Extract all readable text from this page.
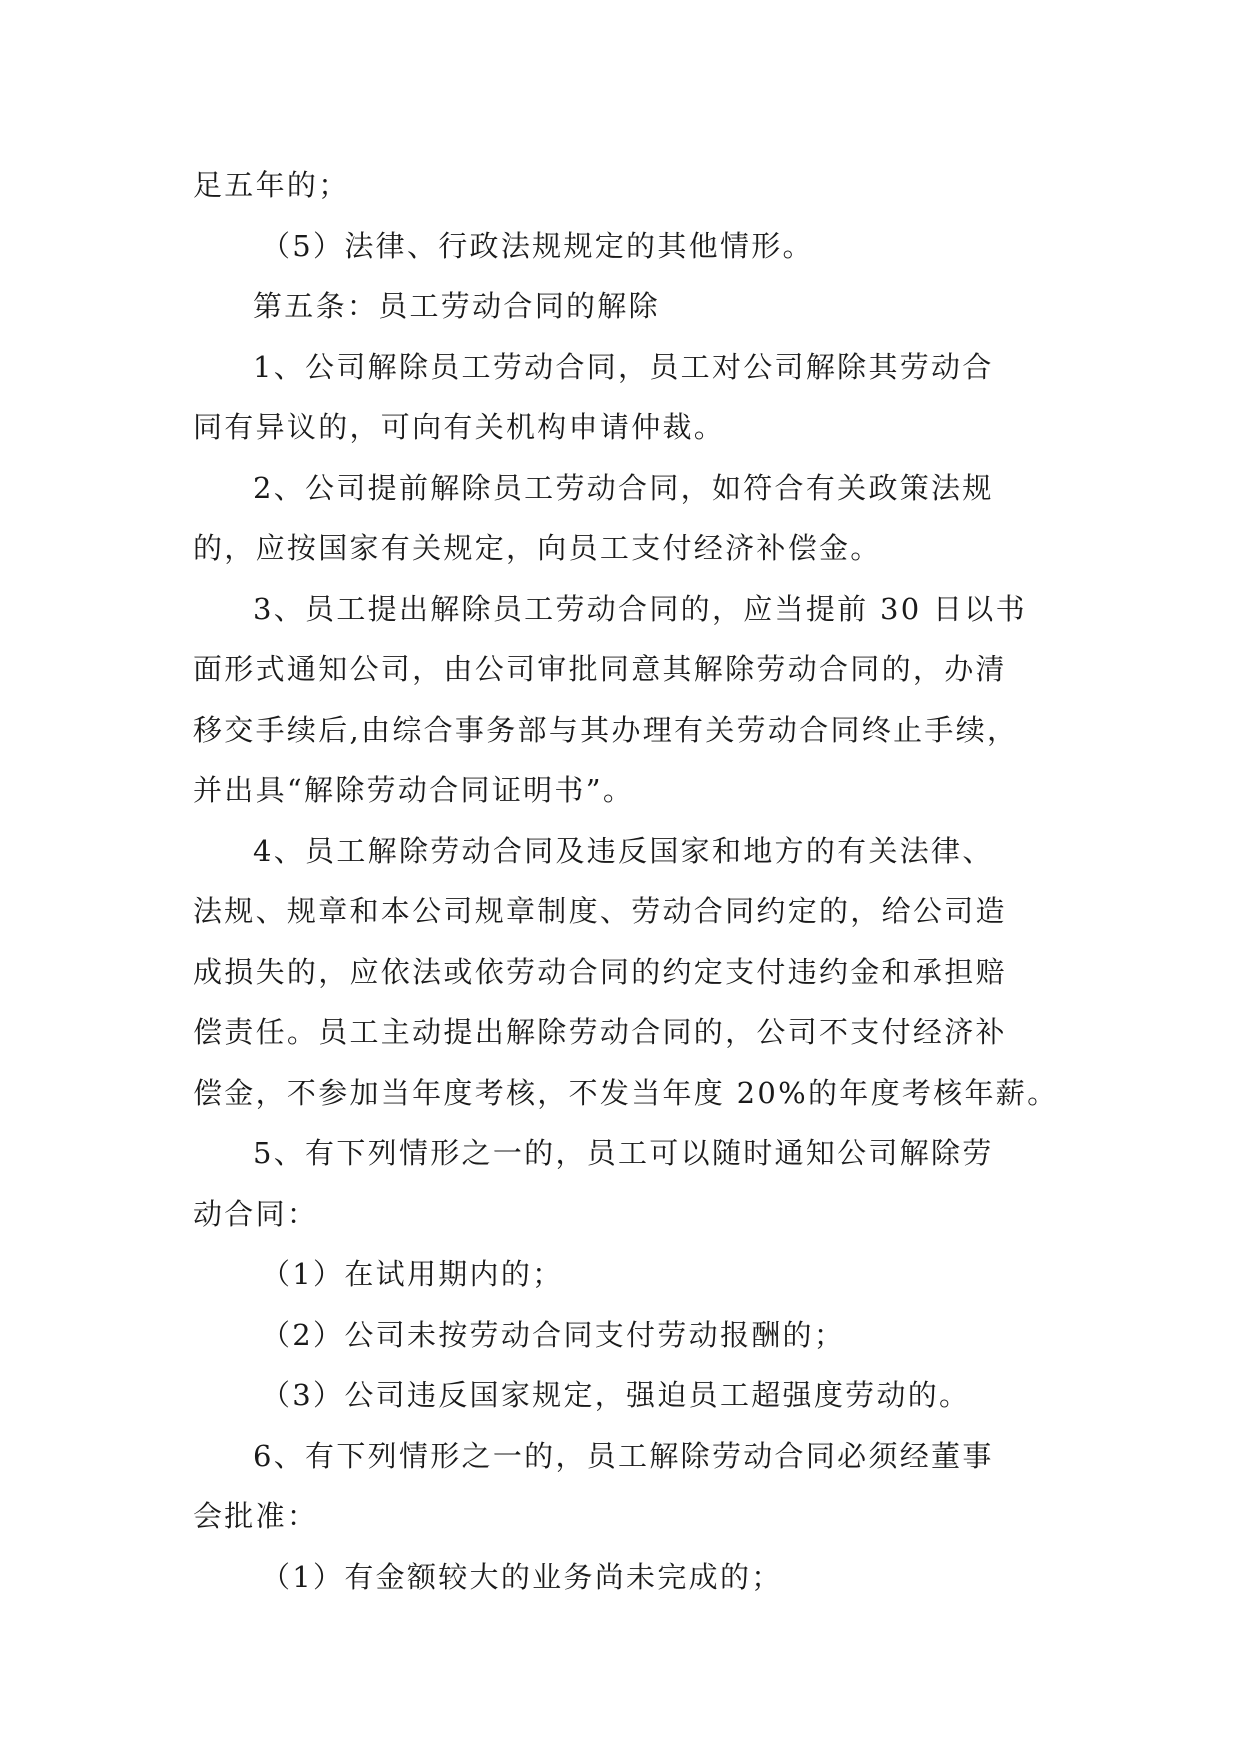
足五年的；
（5）法律、行政法规规定的其他情形。
第五条：员工劳动合同的解除
1、公司解除员工劳动合同，员工对公司解除其劳动合
同有异议的，可向有关机构申请仲裁。
2、公司提前解除员工劳动合同，如符合有关政策法规
的，应按国家有关规定，向员工支付经济补偿金。
3、员工提出解除员工劳动合同的，应当提前 30 日以书
面形式通知公司，由公司审批同意其解除劳动合同的，办清
移交手续后,由综合事务部与其办理有关劳动合同终止手续，
并出具“解除劳动合同证明书”。
4、员工解除劳动合同及违反国家和地方的有关法律、
法规、规章和本公司规章制度、劳动合同约定的，给公司造
成损失的，应依法或依劳动合同的约定支付违约金和承担赔
偿责任。员工主动提出解除劳动合同的，公司不支付经济补
偿金，不参加当年度考核，不发当年度 20%的年度考核年薪。
5、有下列情形之一的，员工可以随时通知公司解除劳
动合同：
（1）在试用期内的；
（2）公司未按劳动合同支付劳动报酬的；
（3）公司违反国家规定，强迫员工超强度劳动的。
6、有下列情形之一的，员工解除劳动合同必须经董事
会批准：
（1）有金额较大的业务尚未完成的；
